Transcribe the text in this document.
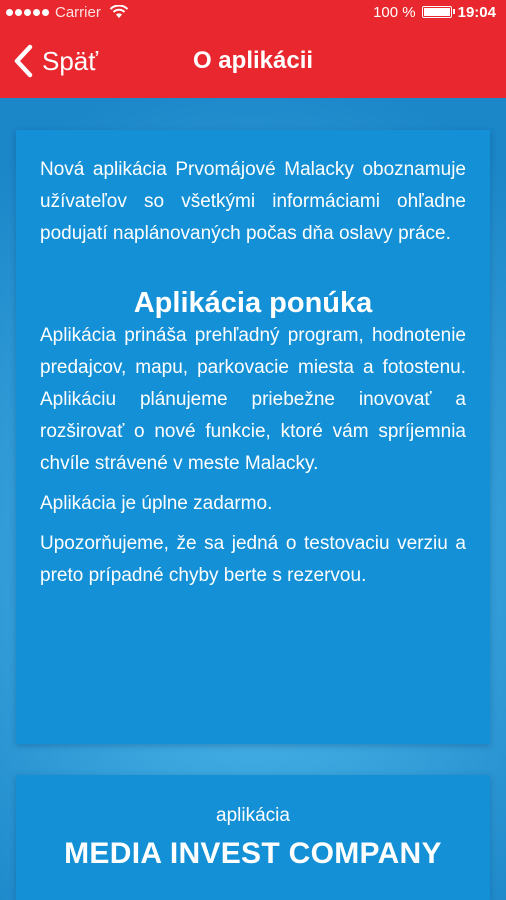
Carrier	100 %	19:04
Späť	O aplikácii

Nová aplikácia Prvomájové Malacky oboznamuje užívateľov so všetkými informáciami ohľadne podujatí naplánovaných počas dňa oslavy práce.

Aplikácia ponúka

Aplikácia prináša prehľadný program, hodnotenie predajcov, mapu, parkovacie miesta a fotostenu. Aplikáciu plánujeme priebežne inovovať a rozširovať o nové funkcie, ktoré vám spríjemnia chvíle strávené v meste Malacky.

Aplikácia je úplne zadarmo.

Upozorňujeme, že sa jedná o testovaciu verziu a preto prípadné chyby berte s rezervou.

aplikácia
MEDIA INVEST COMPANY
